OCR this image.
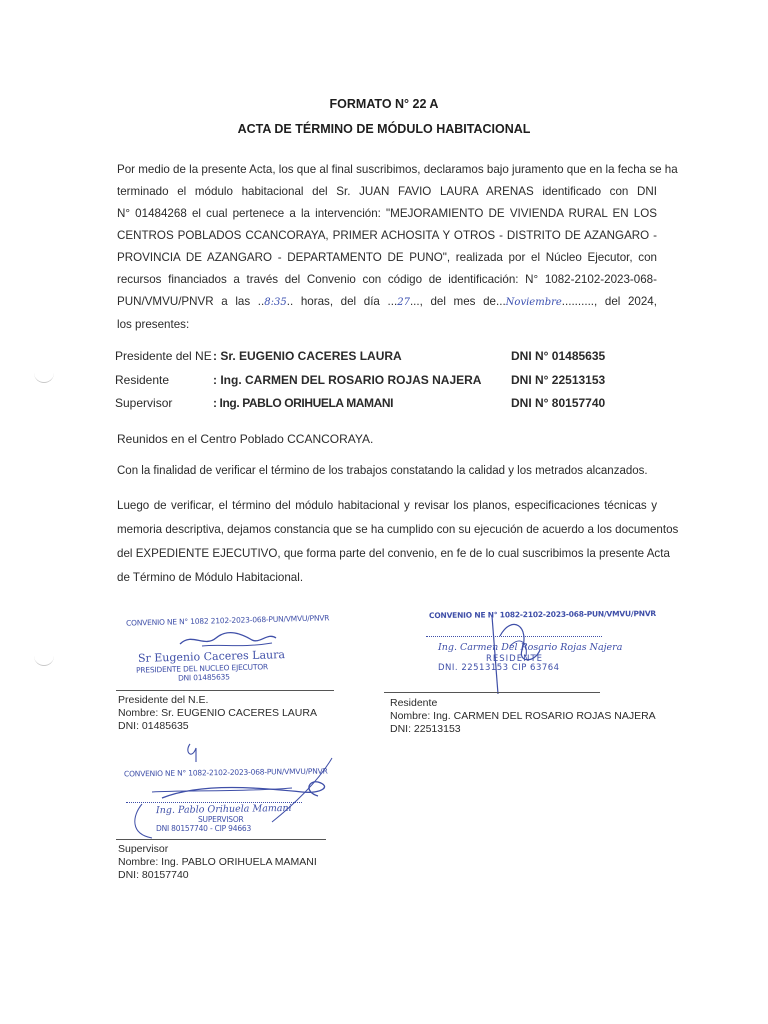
FORMATO N° 22 A
ACTA DE TÉRMINO DE MÓDULO HABITACIONAL
Por medio de la presente Acta, los que al final suscribimos, declaramos bajo juramento que en la fecha se ha
terminado el módulo habitacional del Sr. JUAN FAVIO LAURA ARENAS identificado con DNI
N° 01484268 el cual pertenece a la intervención: "MEJORAMIENTO DE VIVIENDA RURAL EN LOS
CENTROS POBLADOS CCANCORAYA, PRIMER ACHOSITA Y OTROS - DISTRITO DE AZANGARO -
PROVINCIA DE AZANGARO - DEPARTAMENTO DE PUNO", realizada por el Núcleo Ejecutor, con
recursos financiados a través del Convenio con código de identificación: N° 1082-2102-2023-068-
PUN/VMVU/PNVR a las ..8:35.. horas, del día ...27..., del mes de...Noviembre.........., del 2024,
los presentes:
Presidente del NE : Sr. EUGENIO CACERES LAURA	DNI N° 01485635
Residente	: Ing. CARMEN DEL ROSARIO ROJAS NAJERA DNI N° 22513153
Supervisor	: Ing. PABLO ORIHUELA MAMANI	DNI N° 80157740
Reunidos en el Centro Poblado CCANCORAYA.
Con la finalidad de verificar el término de los trabajos constatando la calidad y los metrados alcanzados.
Luego de verificar, el término del módulo habitacional y revisar los planos, especificaciones técnicas y
memoria descriptiva, dejamos constancia que se ha cumplido con su ejecución de acuerdo a los documentos
del EXPEDIENTE EJECUTIVO, que forma parte del convenio, en fe de lo cual suscribimos la presente Acta
de Término de Módulo Habitacional.
CONVENIO NE N° 1082 2102-2023-068-PUN/VMVU/PNVR
Sr Eugenio Caceres Laura
PRESIDENTE DEL NUCLEO EJECUTOR
DNI 01485635
Presidente del N.E.
Nombre: Sr. EUGENIO CACERES LAURA
DNI: 01485635
CONVENIO NE N° 1082-2102-2023-068-PUN/VMVU/PNVR
Ing. Carmen Del Rosario Rojas Najera
RESIDENTE
DNI. 22513153 CIP 63764
Residente
Nombre: Ing. CARMEN DEL ROSARIO ROJAS NAJERA
DNI: 22513153
CONVENIO NE N° 1082-2102-2023-068-PUN/VMVU/PNVR
Ing. Pablo Orihuela Mamani
SUPERVISOR
DNI 80157740 - CIP 94663
Supervisor
Nombre: Ing. PABLO ORIHUELA MAMANI
DNI: 80157740
